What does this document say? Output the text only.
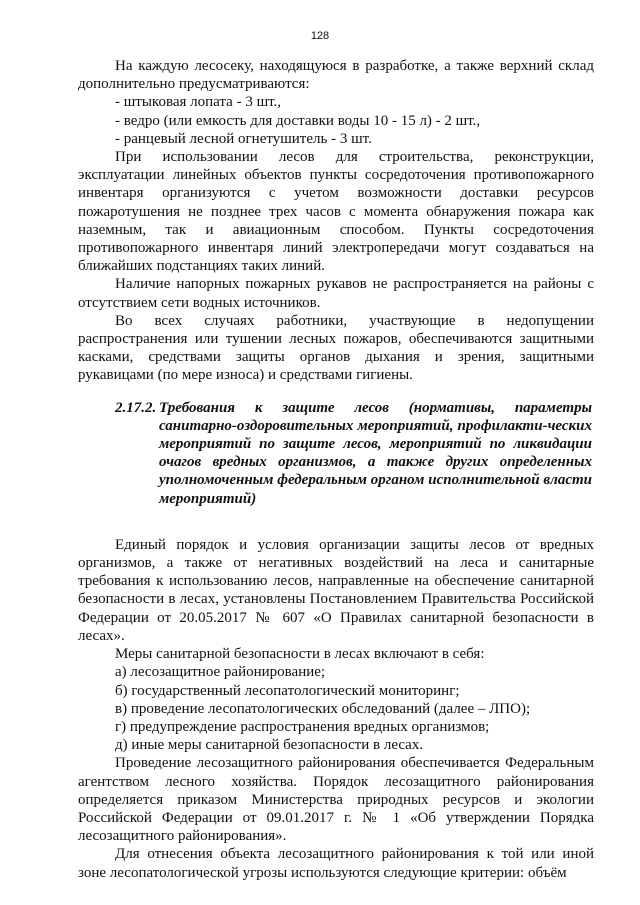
128

На каждую лесосеку, находящуюся в разработке, а также верхний склад дополнительно предусматриваются:

- штыковая лопата - 3 шт.,

- ведро (или емкость для доставки воды 10 - 15 л) - 2 шт.,

- ранцевый лесной огнетушитель - 3 шт.

При использовании лесов для строительства, реконструкции, эксплуатации линейных объектов пункты сосредоточения противопожарного инвентаря организуются с учетом возможности доставки ресурсов пожаротушения не позднее трех часов с момента обнаружения пожара как наземным, так и авиационным способом. Пункты сосредоточения противопожарного инвентаря линий электропередачи могут создаваться на ближайших подстанциях таких линий.

Наличие напорных пожарных рукавов не распространяется на районы с отсутствием сети водных источников.

Во всех случаях работники, участвующие в недопущении распространения или тушении лесных пожаров, обеспечиваются защитными касками, средствами защиты органов дыхания и зрения, защитными рукавицами (по мере износа) и средствами гигиены.

2.17.2. Требования к защите лесов (нормативы, параметры санитарно-оздоровительных мероприятий, профилакти-ческих мероприятий по защите лесов, мероприятий по ликвидации очагов вредных организмов, а также других определенных уполномоченным федеральным органом исполнительной власти мероприятий)

Единый порядок и условия организации защиты лесов от вредных организмов, а также от негативных воздействий на леса и санитарные требования к использованию лесов, направленные на обеспечение санитарной безопасности в лесах, установлены Постановлением Правительства Российской Федерации от 20.05.2017 № 607 «О Правилах санитарной безопасности в лесах».

Меры санитарной безопасности в лесах включают в себя:

а) лесозащитное районирование;

б) государственный лесопатологический мониторинг;

в) проведение лесопатологических обследований (далее – ЛПО);

г) предупреждение распространения вредных организмов;

д) иные меры санитарной безопасности в лесах.

Проведение лесозащитного районирования обеспечивается Федеральным агентством лесного хозяйства. Порядок лесозащитного районирования определяется приказом Министерства природных ресурсов и экологии Российской Федерации от 09.01.2017 г. № 1 «Об утверждении Порядка лесозащитного районирования».

Для отнесения объекта лесозащитного районирования к той или иной зоне лесопатологической угрозы используются следующие критерии: объём
